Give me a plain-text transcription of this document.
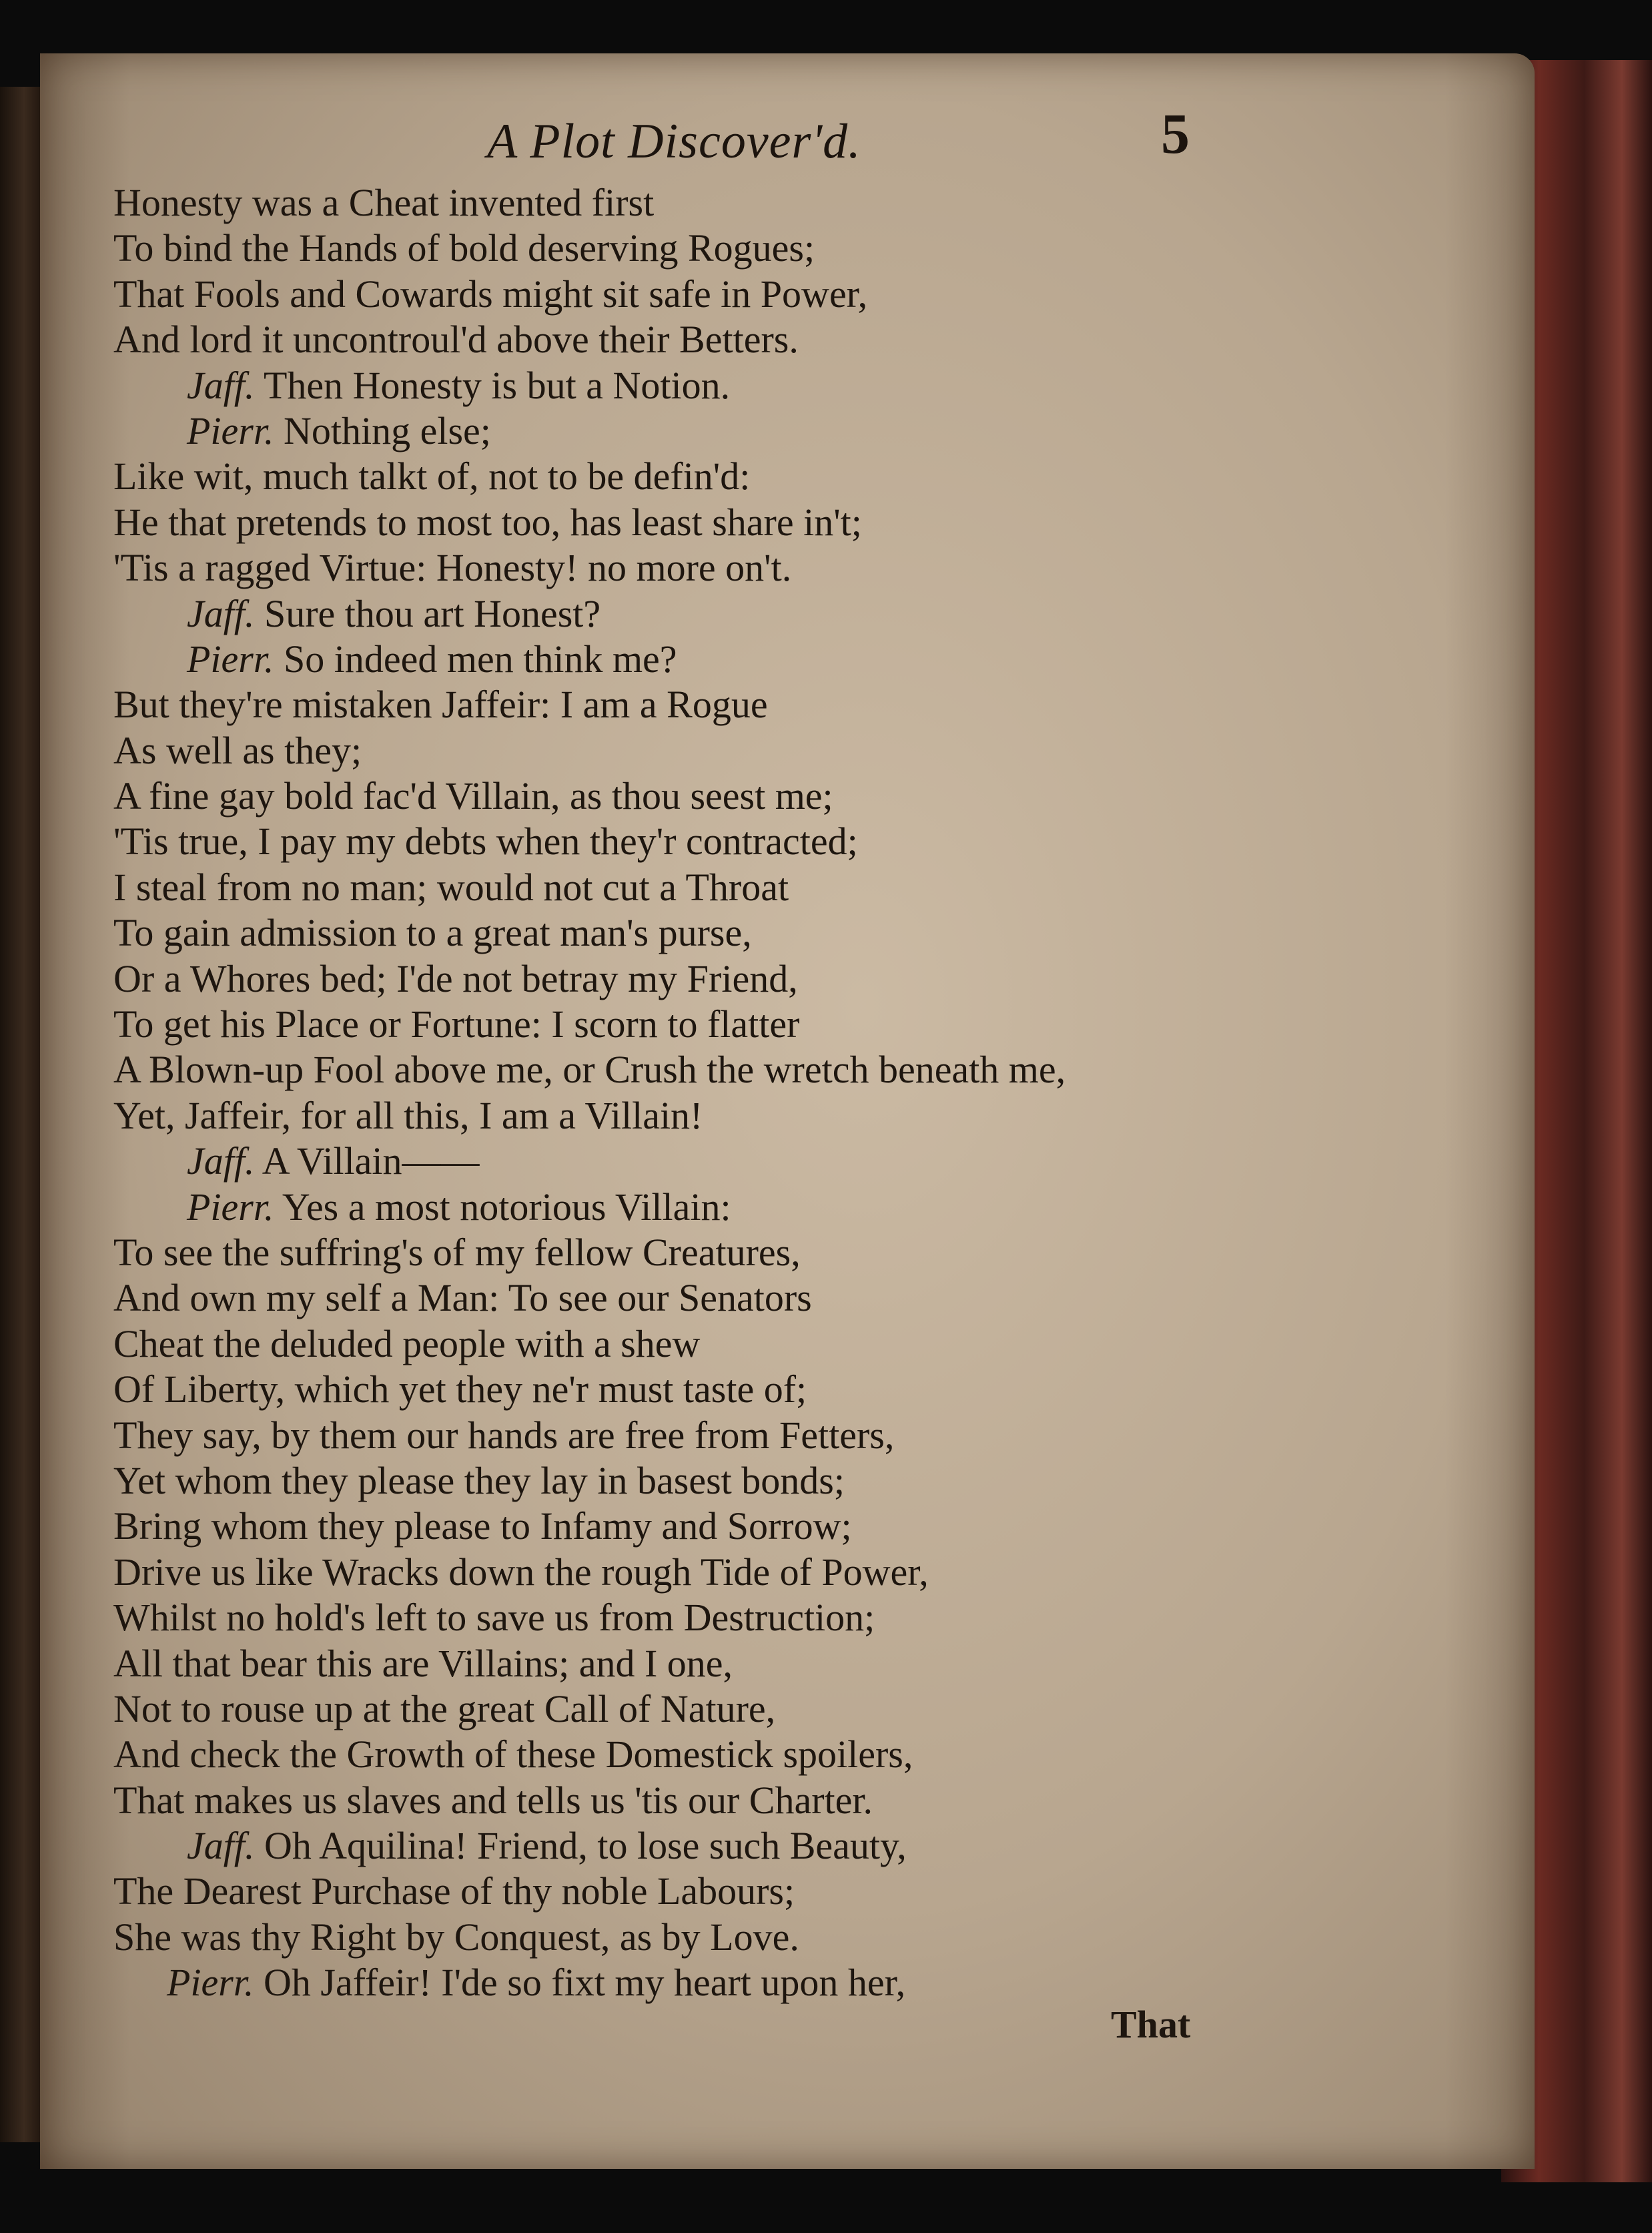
A Plot Discover'd.	5
Honesty was a Cheat invented first
To bind the Hands of bold deserving Rogues;
That Fools and Cowards might sit safe in Power,
And lord it uncontroul'd above their Betters.
Jaff. Then Honesty is but a Notion.
Pierr. Nothing else;
Like wit, much talkt of, not to be defin'd:
He that pretends to most too, has least share in't;
'Tis a ragged Virtue: Honesty! no more on't.
Jaff. Sure thou art Honest?
Pierr. So indeed men think me?
But they're mistaken Jaffeir: I am a Rogue
As well as they;
A fine gay bold fac'd Villain, as thou seest me;
'Tis true, I pay my debts when they'r contracted;
I steal from no man; would not cut a Throat
To gain admission to a great man's purse,
Or a Whores bed; I'de not betray my Friend,
To get his Place or Fortune: I scorn to flatter
A Blown-up Fool above me, or Crush the wretch beneath me,
Yet, Jaffeir, for all this, I am a Villain!
Jaff. A Villain——
Pierr. Yes a most notorious Villain:
To see the suffring's of my fellow Creatures,
And own my self a Man: To see our Senators
Cheat the deluded people with a shew
Of Liberty, which yet they ne'r must taste of;
They say, by them our hands are free from Fetters,
Yet whom they please they lay in basest bonds;
Bring whom they please to Infamy and Sorrow;
Drive us like Wracks down the rough Tide of Power,
Whilst no hold's left to save us from Destruction;
All that bear this are Villains; and I one,
Not to rouse up at the great Call of Nature,
And check the Growth of these Domestick spoilers,
That makes us slaves and tells us 'tis our Charter.
Jaff. Oh Aquilina! Friend, to lose such Beauty,
The Dearest Purchase of thy noble Labours;
She was thy Right by Conquest, as by Love.
Pierr. Oh Jaffeir! I'de so fixt my heart upon her,
That
